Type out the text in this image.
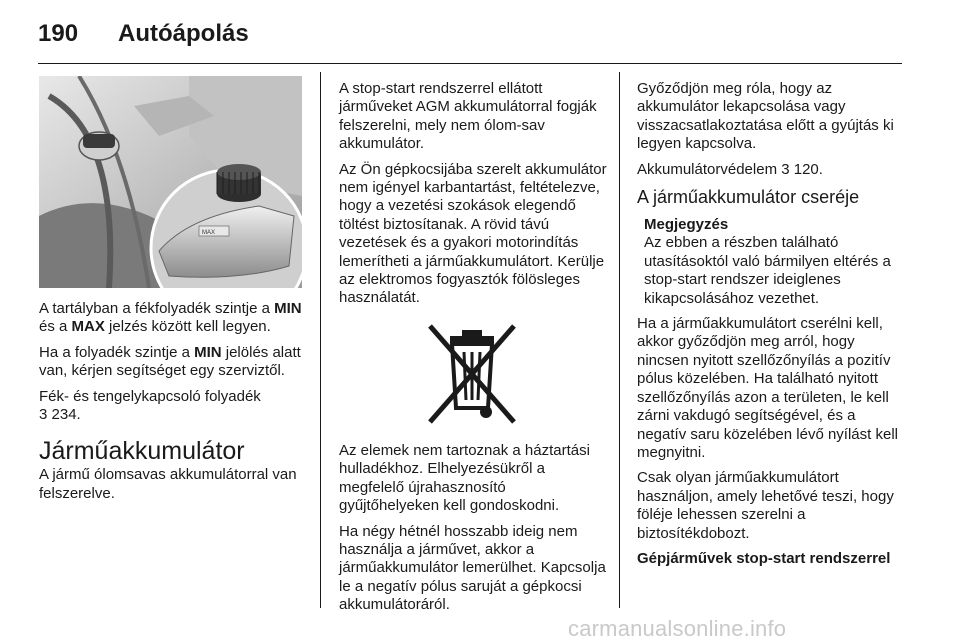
190 Autóápolás
MAX

A tartályban a fékfolyadék szintje a MIN és a MAX jelzés között kell legyen.

Ha a folyadék szintje a MIN jelölés alatt van, kérjen segítséget egy szerviztől.

Fék- és tengelykapcsoló folyadék
3 234.

Járműakkumulátor

A jármű ólomsavas akkumulátorral van felszerelve.

A stop-start rendszerrel ellátott járműveket AGM akkumulátorral fogják felszerelni, mely nem ólom-sav akkumulátor.

Az Ön gépkocsijába szerelt akkumulátor nem igényel karbantartást, feltételezve, hogy a vezetési szokások elegendő töltést biztosítanak. A rövid távú vezetések és a gyakori motorindítás lemerítheti a járműakkumulátort. Kerülje az elektromos fogyasztók fölösleges használatát.

Az elemek nem tartoznak a háztartási hulladékhoz. Elhelyezésükről a megfelelő újrahasznosító gyűjtőhelyeken kell gondoskodni.

Ha négy hétnél hosszabb ideig nem használja a járművet, akkor a járműakkumulátor lemerülhet. Kapcsolja le a negatív pólus saruját a gépkocsi akkumulátoráról.

Győződjön meg róla, hogy az akkumulátor lekapcsolása vagy visszacsatlakoztatása előtt a gyújtás ki legyen kapcsolva.

Akkumulátorvédelem 3 120.

A járműakkumulátor cseréje

Megjegyzés

Az ebben a részben található utasításoktól való bármilyen eltérés a stop-start rendszer ideiglenes kikapcsolásához vezethet.

Ha a járműakkumulátort cserélni kell, akkor győződjön meg arról, hogy nincsen nyitott szellőzőnyílás a pozitív pólus közelében. Ha található nyitott szellőzőnyílás azon a területen, le kell zárni vakdugó segítségével, és a negatív saru közelében lévő nyílást kell megnyitni.

Csak olyan járműakkumulátort használjon, amely lehetővé teszi, hogy föléje lehessen szerelni a biztosítékdobozt.

Gépjárművek stop-start rendszerrel

carmanualsonline.info
